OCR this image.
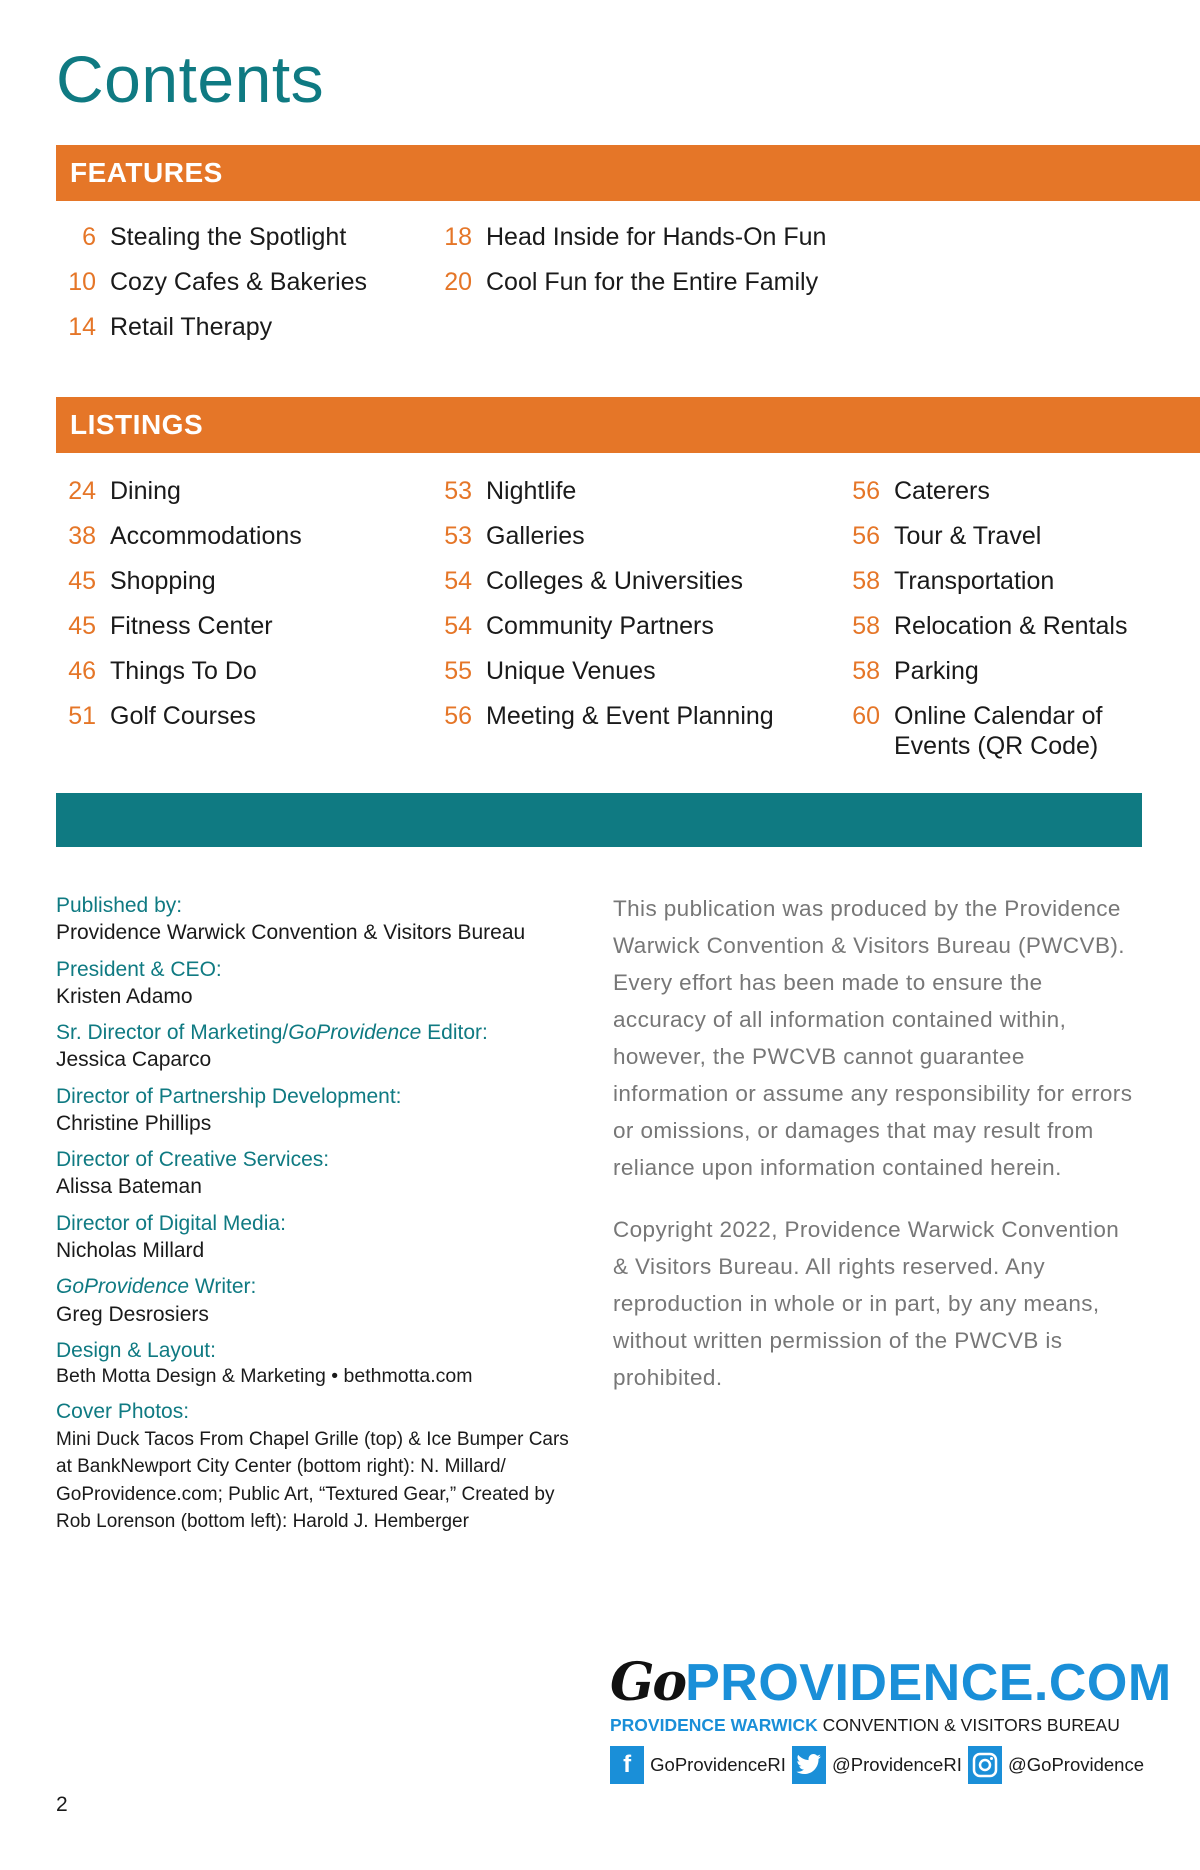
Contents
FEATURES
6 Stealing the Spotlight
10 Cozy Cafes & Bakeries
14 Retail Therapy
18 Head Inside for Hands-On Fun
20 Cool Fun for the Entire Family
LISTINGS
24 Dining
38 Accommodations
45 Shopping
45 Fitness Center
46 Things To Do
51 Golf Courses
53 Nightlife
53 Galleries
54 Colleges & Universities
54 Community Partners
55 Unique Venues
56 Meeting & Event Planning
56 Caterers
56 Tour & Travel
58 Transportation
58 Relocation & Rentals
58 Parking
60 Online Calendar of Events (QR Code)
Published by:
Providence Warwick Convention & Visitors Bureau
President & CEO:
Kristen Adamo
Sr. Director of Marketing/GoProvidence Editor:
Jessica Caparco
Director of Partnership Development:
Christine Phillips
Director of Creative Services:
Alissa Bateman
Director of Digital Media:
Nicholas Millard
GoProvidence Writer:
Greg Desrosiers
Design & Layout:
Beth Motta Design & Marketing • bethmotta.com
Cover Photos:
Mini Duck Tacos From Chapel Grille (top) & Ice Bumper Cars at BankNewport City Center (bottom right): N. Millard/ GoProvidence.com; Public Art, “Textured Gear,” Created by Rob Lorenson (bottom left): Harold J. Hemberger

This publication was produced by the Providence Warwick Convention & Visitors Bureau (PWCVB). Every effort has been made to ensure the accuracy of all information contained within, however, the PWCVB cannot guarantee information or assume any responsibility for errors or omissions, or damages that may result from reliance upon information contained herein.

Copyright 2022, Providence Warwick Convention & Visitors Bureau. All rights reserved. Any reproduction in whole or in part, by any means, without written permission of the PWCVB is prohibited.

Go PROVIDENCE.COM
PROVIDENCE WARWICK CONVENTION & VISITORS BUREAU
f	GoProvidenceRI @ProvidenceRI @GoProvidence
2
